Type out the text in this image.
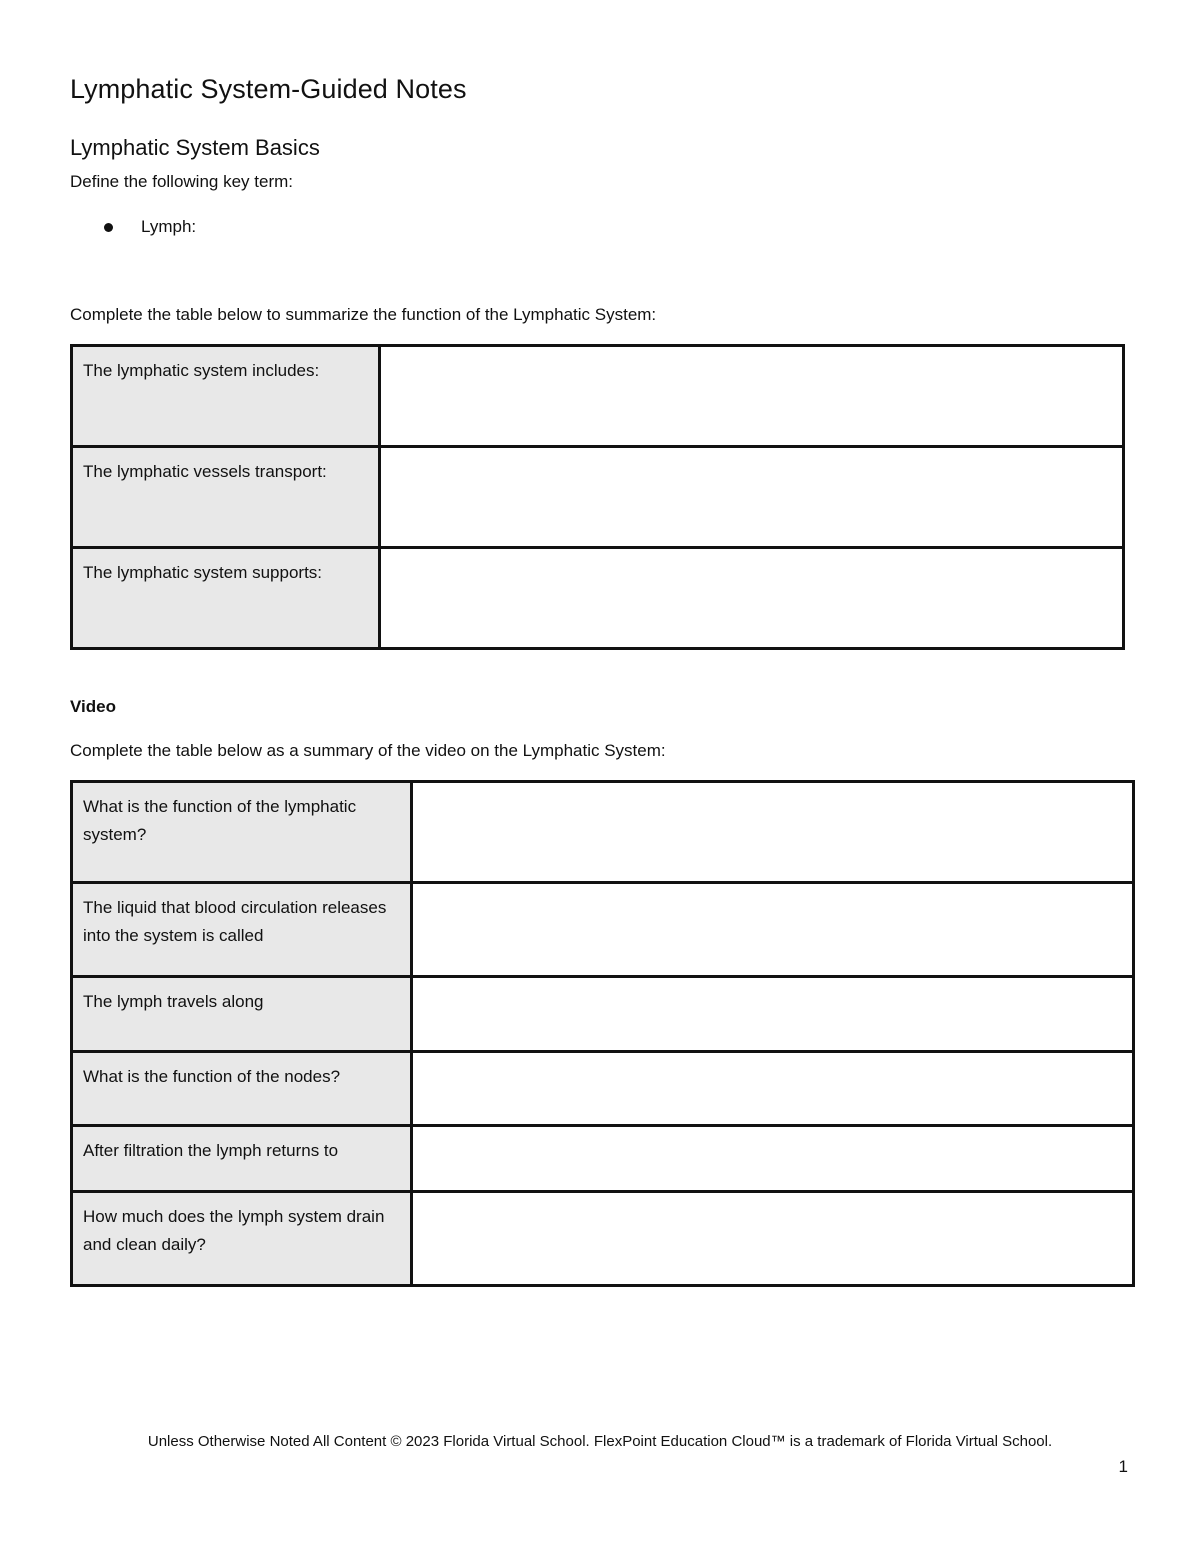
Lymphatic System-Guided Notes
Lymphatic System Basics

Define the following key term:

Lymph:

Complete the table below to summarize the function of the Lymphatic System:

The lymphatic system includes:	
The lymphatic vessels transport:	
The lymphatic system supports:	

Video

Complete the table below as a summary of the video on the Lymphatic System:

What is the function of the lymphatic system?	
The liquid that blood circulation releases into the system is called	
The lymph travels along	
What is the function of the nodes?	
After filtration the lymph returns to	
How much does the lymph system drain and clean daily?	

Unless Otherwise Noted All Content © 2023 Florida Virtual School. FlexPoint Education Cloud™ is a trademark of Florida Virtual School.

1
